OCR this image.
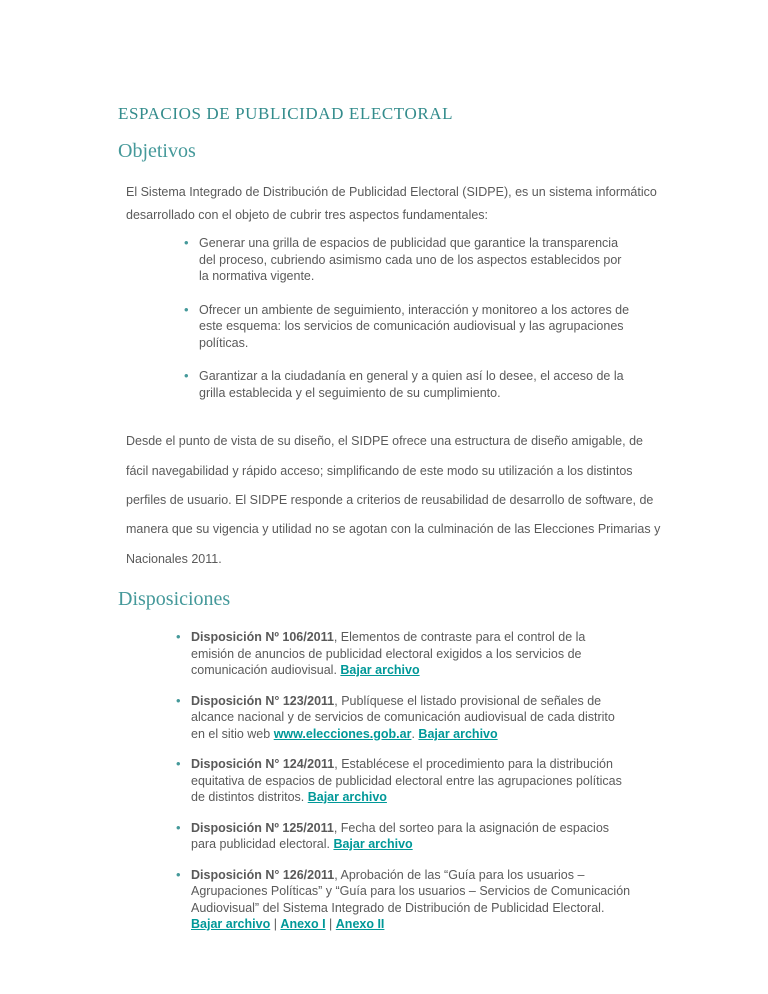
ESPACIOS DE PUBLICIDAD ELECTORAL
Objetivos

El Sistema Integrado de Distribución de Publicidad Electoral (SIDPE), es un sistema informático desarrollado con el objeto de cubrir tres aspectos fundamentales:

• Generar una grilla de espacios de publicidad que garantice la transparencia del proceso, cubriendo asimismo cada uno de los aspectos establecidos por la normativa vigente.
• Ofrecer un ambiente de seguimiento, interacción y monitoreo a los actores de este esquema: los servicios de comunicación audiovisual y las agrupaciones políticas.
• Garantizar a la ciudadanía en general y a quien así lo desee, el acceso de la grilla establecida y el seguimiento de su cumplimiento.

Desde el punto de vista de su diseño, el SIDPE ofrece una estructura de diseño amigable, de fácil navegabilidad y rápido acceso; simplificando de este modo su utilización a los distintos perfiles de usuario. El SIDPE responde a criterios de reusabilidad de desarrollo de software, de manera que su vigencia y utilidad no se agotan con la culminación de las Elecciones Primarias y Nacionales 2011.

Disposiciones
• Disposición Nº 106/2011, Elementos de contraste para el control de la emisión de anuncios de publicidad electoral exigidos a los servicios de comunicación audiovisual. Bajar archivo
• Disposición N° 123/2011, Publíquese el listado provisional de señales de alcance nacional y de servicios de comunicación audiovisual de cada distrito en el sitio web www.elecciones.gob.ar. Bajar archivo
• Disposición N° 124/2011, Establécese el procedimiento para la distribución equitativa de espacios de publicidad electoral entre las agrupaciones políticas de distintos distritos. Bajar archivo
• Disposición Nº 125/2011, Fecha del sorteo para la asignación de espacios para publicidad electoral. Bajar archivo
• Disposición N° 126/2011, Aprobación de las “Guía para los usuarios – Agrupaciones Políticas” y “Guía para los usuarios – Servicios de Comunicación Audiovisual” del Sistema Integrado de Distribución de Publicidad Electoral. Bajar archivo | Anexo I | Anexo II
